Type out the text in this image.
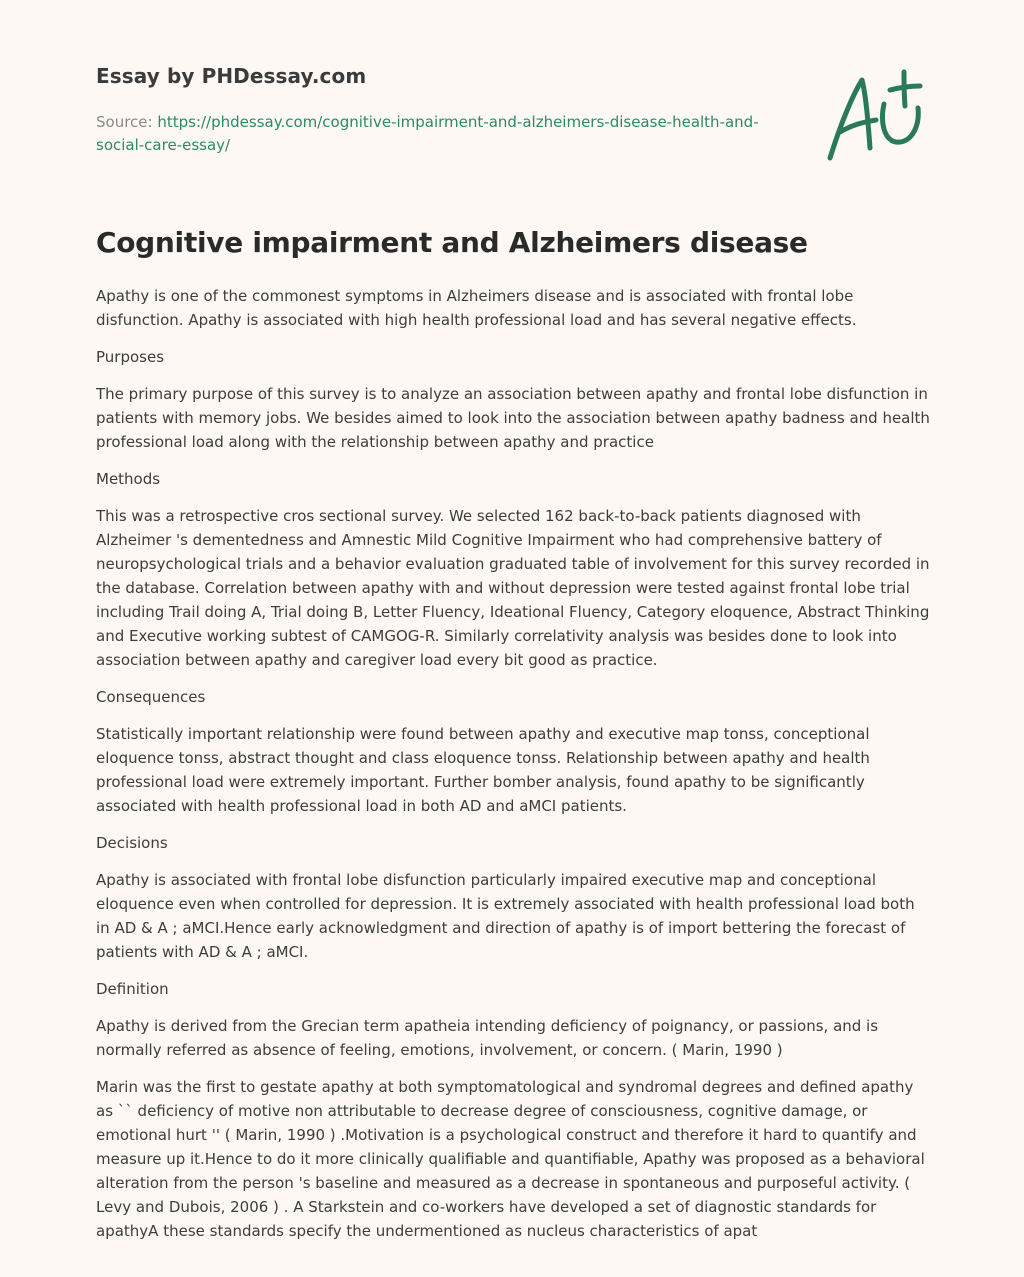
Essay by PHDessay.com

Source: https://phdessay.com/cognitive-impairment-and-alzheimers-disease-health-and-social-care-essay/

Cognitive impairment and Alzheimers disease

Apathy is one of the commonest symptoms in Alzheimers disease and is associated with frontal lobe disfunction. Apathy is associated with high health professional load and has several negative effects.

Purposes

The primary purpose of this survey is to analyze an association between apathy and frontal lobe disfunction in patients with memory jobs. We besides aimed to look into the association between apathy badness and health professional load along with the relationship between apathy and practice

Methods

This was a retrospective cros sectional survey. We selected 162 back-to-back patients diagnosed with Alzheimer 's dementedness and Amnestic Mild Cognitive Impairment who had comprehensive battery of neuropsychological trials and a behavior evaluation graduated table of involvement for this survey recorded in the database. Correlation between apathy with and without depression were tested against frontal lobe trial including Trail doing A, Trial doing B, Letter Fluency, Ideational Fluency, Category eloquence, Abstract Thinking and Executive working subtest of CAMGOG-R. Similarly correlativity analysis was besides done to look into association between apathy and caregiver load every bit good as practice.

Consequences

Statistically important relationship were found between apathy and executive map tonss, conceptional eloquence tonss, abstract thought and class eloquence tonss. Relationship between apathy and health professional load were extremely important. Further bomber analysis, found apathy to be significantly associated with health professional load in both AD and aMCI patients.

Decisions

Apathy is associated with frontal lobe disfunction particularly impaired executive map and conceptional eloquence even when controlled for depression. It is extremely associated with health professional load both in AD & A ; aMCI.Hence early acknowledgment and direction of apathy is of import bettering the forecast of patients with AD & A ; aMCI.

Definition

Apathy is derived from the Grecian term apatheia intending deficiency of poignancy, or passions, and is normally referred as absence of feeling, emotions, involvement, or concern. ( Marin, 1990 )

Marin was the first to gestate apathy at both symptomatological and syndromal degrees and defined apathy as `` deficiency of motive non attributable to decrease degree of consciousness, cognitive damage, or emotional hurt '' ( Marin, 1990 ) .Motivation is a psychological construct and therefore it hard to quantify and measure up it.Hence to do it more clinically qualifiable and quantifiable, Apathy was proposed as a behavioral alteration from the person 's baseline and measured as a decrease in spontaneous and purposeful activity. ( Levy and Dubois, 2006 ) . A Starkstein and co-workers have developed a set of diagnostic standards for apathyA these standards specify the undermentioned as nucleus characteristics of apat
